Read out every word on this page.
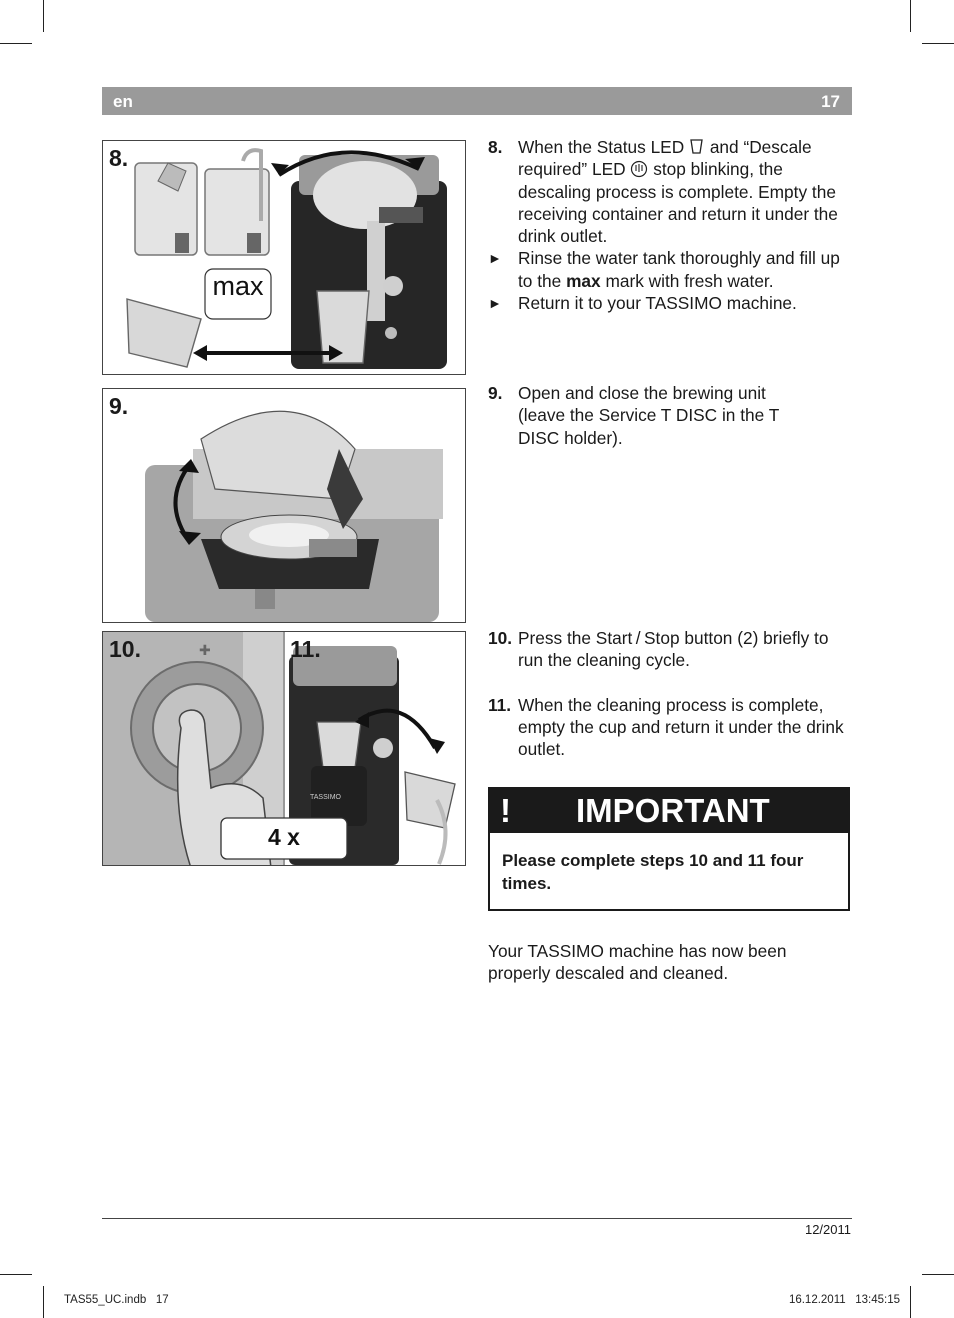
en	17
8.
max
9.
✚
10.	11.
4 x
TASSIMO
8. When the Status LED and “Descale required” LED stop blinking, the descaling process is complete. Empty the receiving container and return it under the drink outlet.
► Rinse the water tank thoroughly and fill up to the max mark with fresh water.
► Return it to your TASSIMO machine.
9. Open and close the brewing unit (leave the Service T DISC in the T DISC holder).
10. Press the Start / Stop button (2) briefly to run the cleaning cycle.
11. When the cleaning process is complete, empty the cup and return it under the drink outlet.
! IMPORTANT
Please complete steps 10 and 11 four times.
Your TASSIMO machine has now been properly descaled and cleaned.
12/2011
TAS55_UC.indb   17	16.12.2011   13:45:15
